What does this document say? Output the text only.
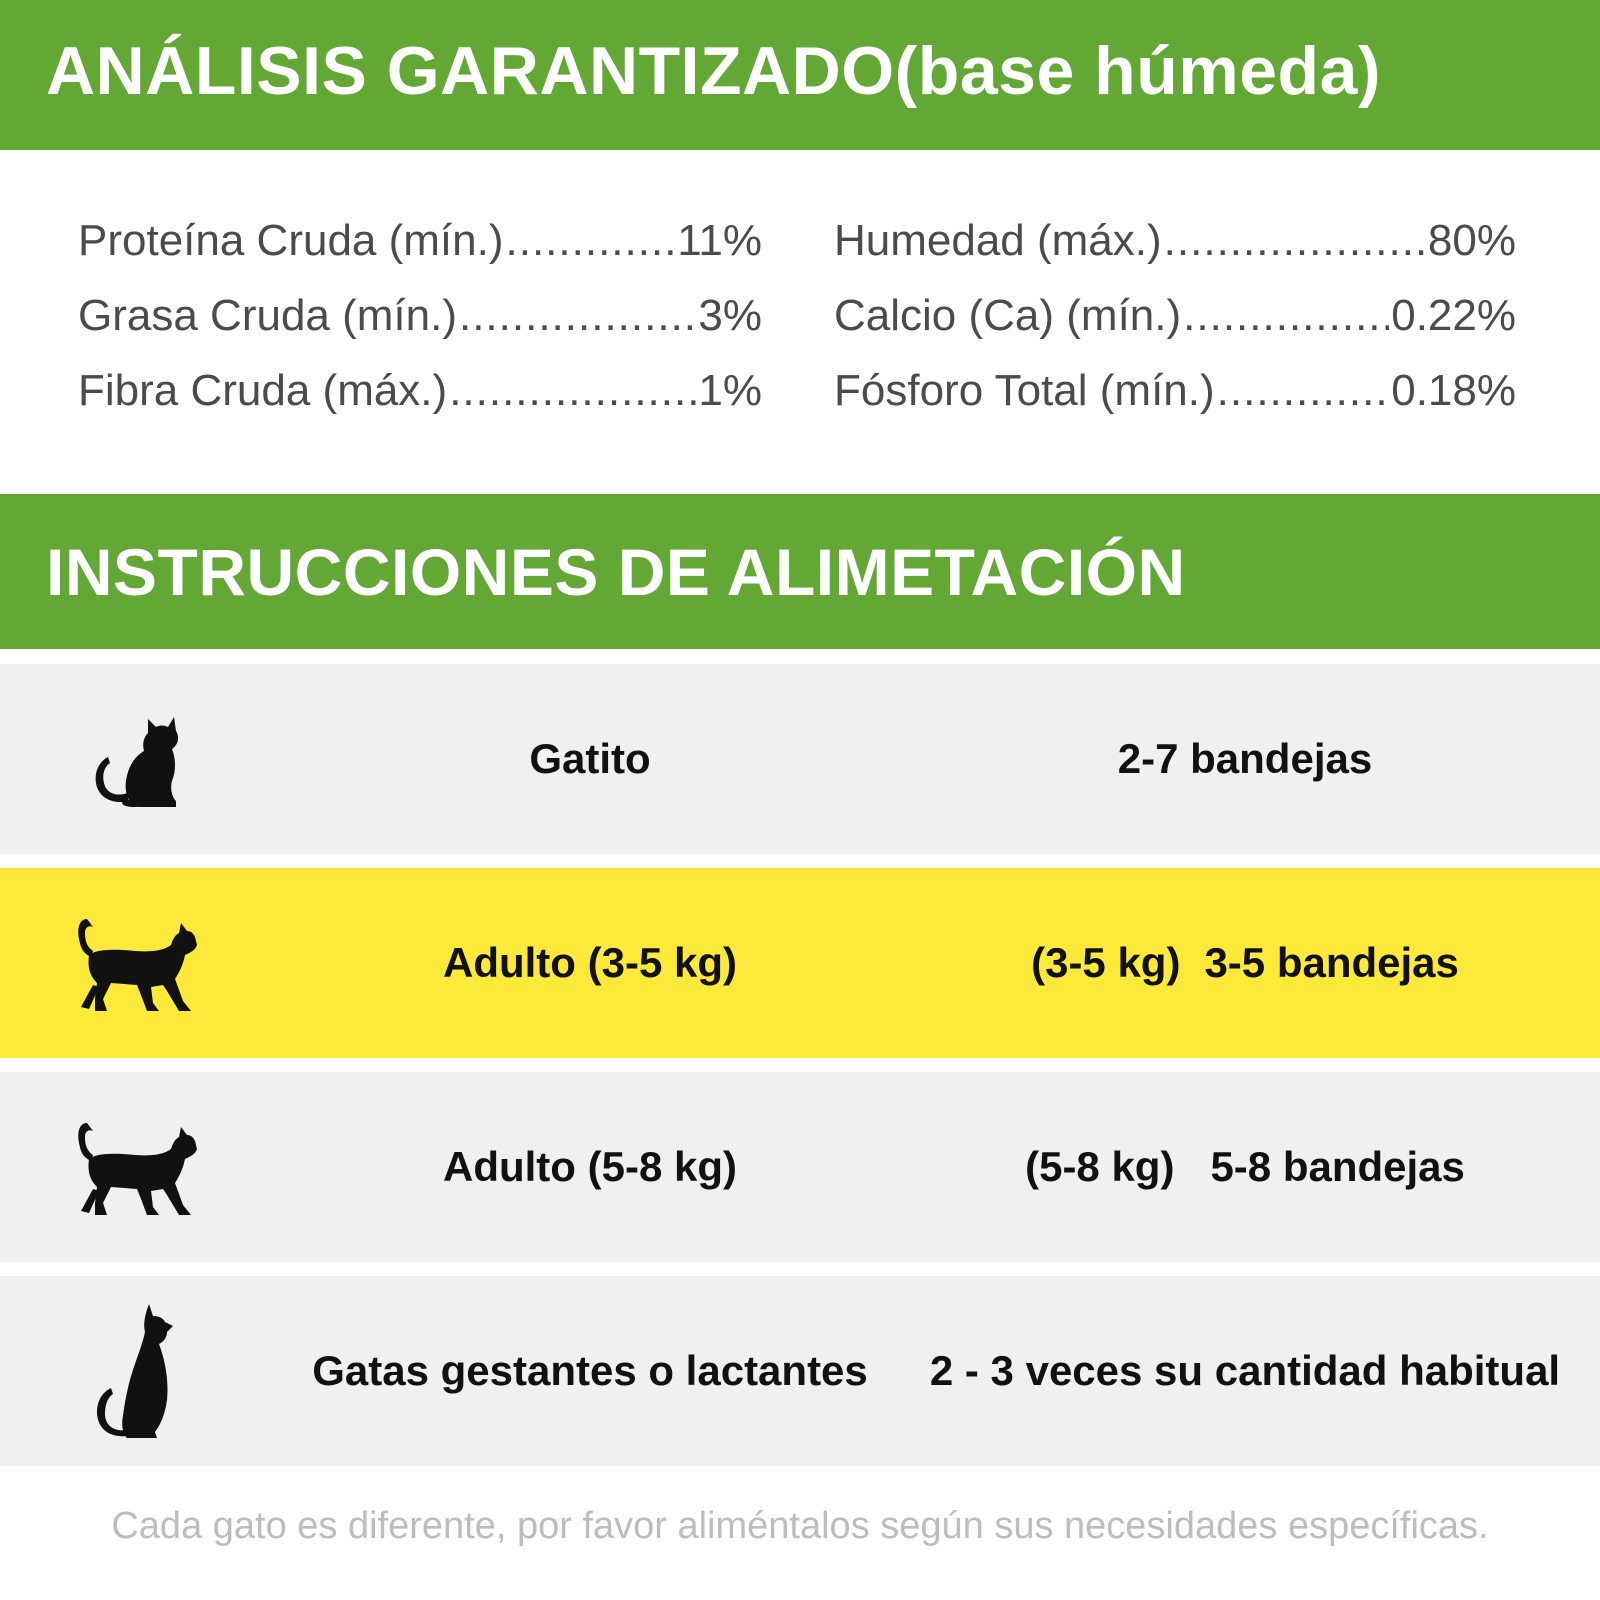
ANÁLISIS GARANTIZADO(base húmeda)
Proteína Cruda (mín.) .....	11%
Grasa Cruda (mín.) .....	3%
Fibra Cruda (máx.) .....	1%
Humedad (máx.) .....	80%
Calcio (Ca) (mín.) .....	0.22%
Fósforo Total (mín.) .....	0.18%
INSTRUCCIONES DE ALIMETACIÓN
Gatito	2-7 bandejas
Adulto (3-5 kg)	(3-5 kg) 3-5 bandejas
Adulto (5-8 kg)	(5-8 kg) 5-8 bandejas
Gatas gestantes o lactantes	2 - 3 veces su cantidad habitual
Cada gato es diferente, por favor aliméntalos según sus necesidades específicas.
